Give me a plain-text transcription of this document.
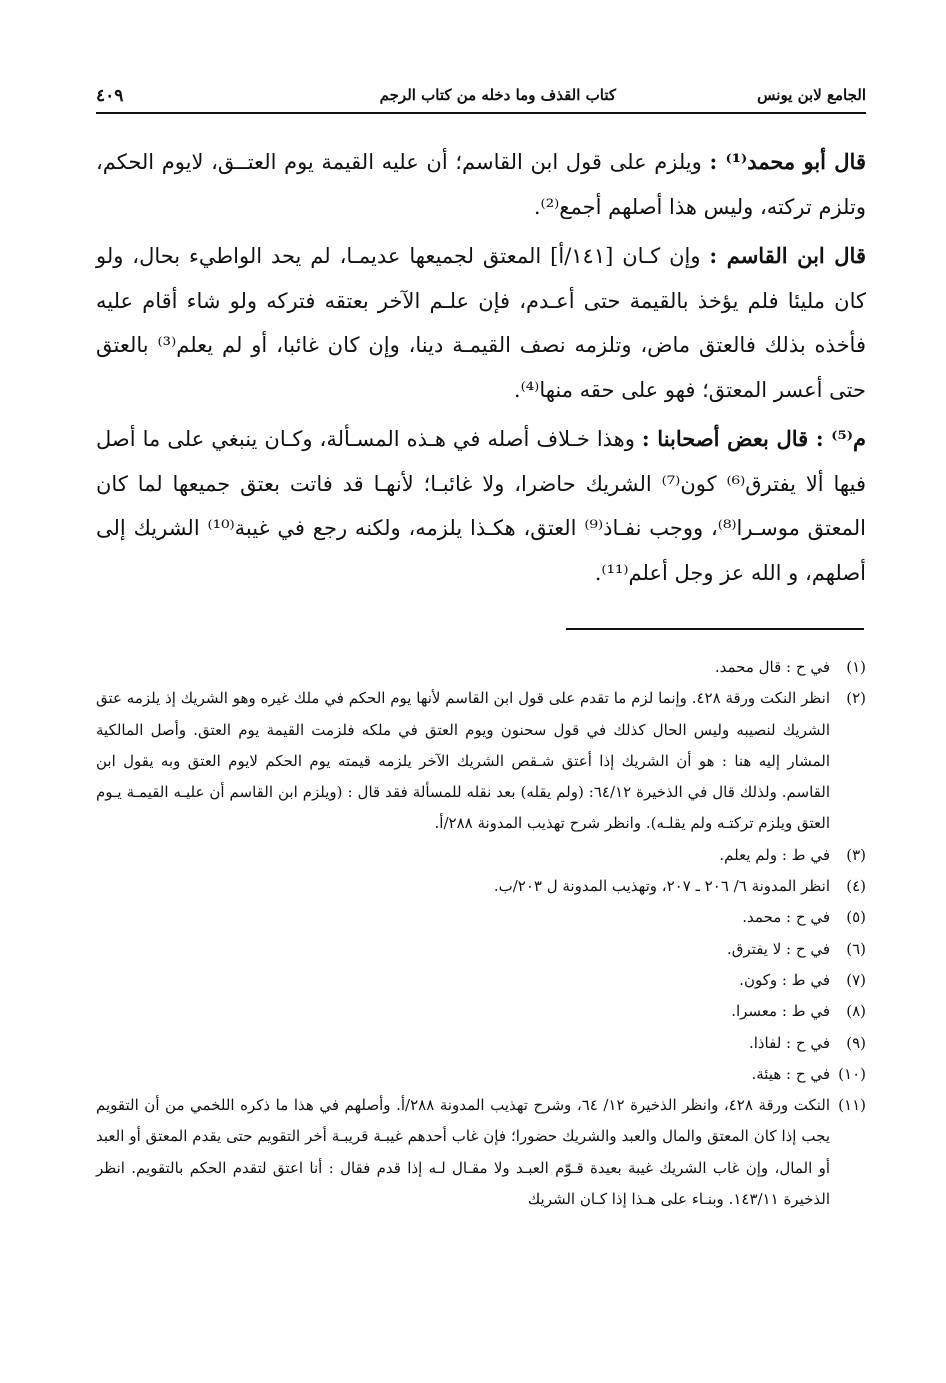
الجامع لابن يونس
كتاب القذف وما دخله من كتاب الرجم
٤٠٩

قال أبو محمد⁽¹⁾ : ويلزم على قول ابن القاسم؛ أن عليه القيمة يوم العتــق، لايوم الحكم، وتلزم تركته، وليس هذا أصلهم أجمع⁽²⁾.

قال ابن القاسم : وإن كـان [١٤١/أ] المعتق لجميعها عديمـا، لم يحد الواطيء بحال، ولو كان مليئا فلم يؤخذ بالقيمة حتى أعـدم، فإن علـم الآخر بعتقه فتركه ولو شاء أقام عليه فأخذه بذلك فالعتق ماض، وتلزمه نصف القيمـة دينا، وإن كان غائبا، أو لم يعلم⁽³⁾ بالعتق حتى أعسر المعتق؛ فهو على حقه منها⁽⁴⁾.

م⁽⁵⁾ : قال بعض أصحابنا : وهذا خـلاف أصله في هـذه المسـألة، وكـان ينبغي على ما أصل فيها ألا يفترق⁽⁶⁾ كون⁽⁷⁾ الشريك حاضرا، ولا غائبـا؛ لأنهـا قد فاتت بعتق جميعها لما كان المعتق موسـرا⁽⁸⁾، ووجب نفـاذ⁽⁹⁾ العتق، هكـذا يلزمه، ولكنه رجع في غيبة⁽¹⁰⁾ الشريك إلى أصلهم، و الله عز وجل أعلم⁽¹¹⁾.

(١)
في ح : قال محمد.

(٢)
انظر النكت ورقة ٤٢٨. وإنما لزم ما تقدم على قول ابن القاسم لأنها يوم الحكم في ملك غيره وهو الشريك إذ يلزمه عتق الشريك لنصيبه وليس الحال كذلك في قول سحنون ويوم العتق في ملكه فلزمت القيمة يوم العتق. وأصل المالكية المشار إليه هنا : هو أن الشريك إذا أعتق شـقص الشريك الآخر يلزمه قيمته يوم الحكم لايوم العتق وبه يقول ابن القاسم. ولذلك قال في الذخيرة ٦٤/١٢: (ولم يقله) بعد نقله للمسألة فقد قال : (ويلزم ابن القاسم أن عليـه القيمـة يـوم العتق ويلزم تركتـه ولم يقلـه). وانظر شرح تهذيب المدونة ٢٨٨/أ.

(٣)
في ط : ولم يعلم.

(٤)
انظر المدونة ٦/ ٢٠٦ ـ ٢٠٧، وتهذيب المدونة ل ٢٠٣/ب.

(٥)
في ح : محمد.

(٦)
في ح : لا يفترق.

(٧)
في ط : وكون.

(٨)
في ط : معسرا.

(٩)
في ح : لفاذا.

(١٠)
في ح : هيئة.

(١١)
النكت ورقة ٤٢٨، وانظر الذخيرة ١٢/ ٦٤، وشرح تهذيب المدونة ٢٨٨/أ. وأصلهم في هذا ما ذكره اللخمي من أن التقويم يجب إذا كان المعتق والمال والعبد والشريك حضورا؛ فإن غاب أحدهم غيبـة قريبـة أخر التقويم حتى يقدم المعتق أو العبد أو المال، وإن غاب الشريك غيبة بعيدة قـوّم العبـد ولا مقـال لـه إذا قدم فقال : أنا اعتق لتقدم الحكم بالتقويم. انظر الذخيرة ١٤٣/١١. وبنـاء على هـذا إذا كـان الشريك
